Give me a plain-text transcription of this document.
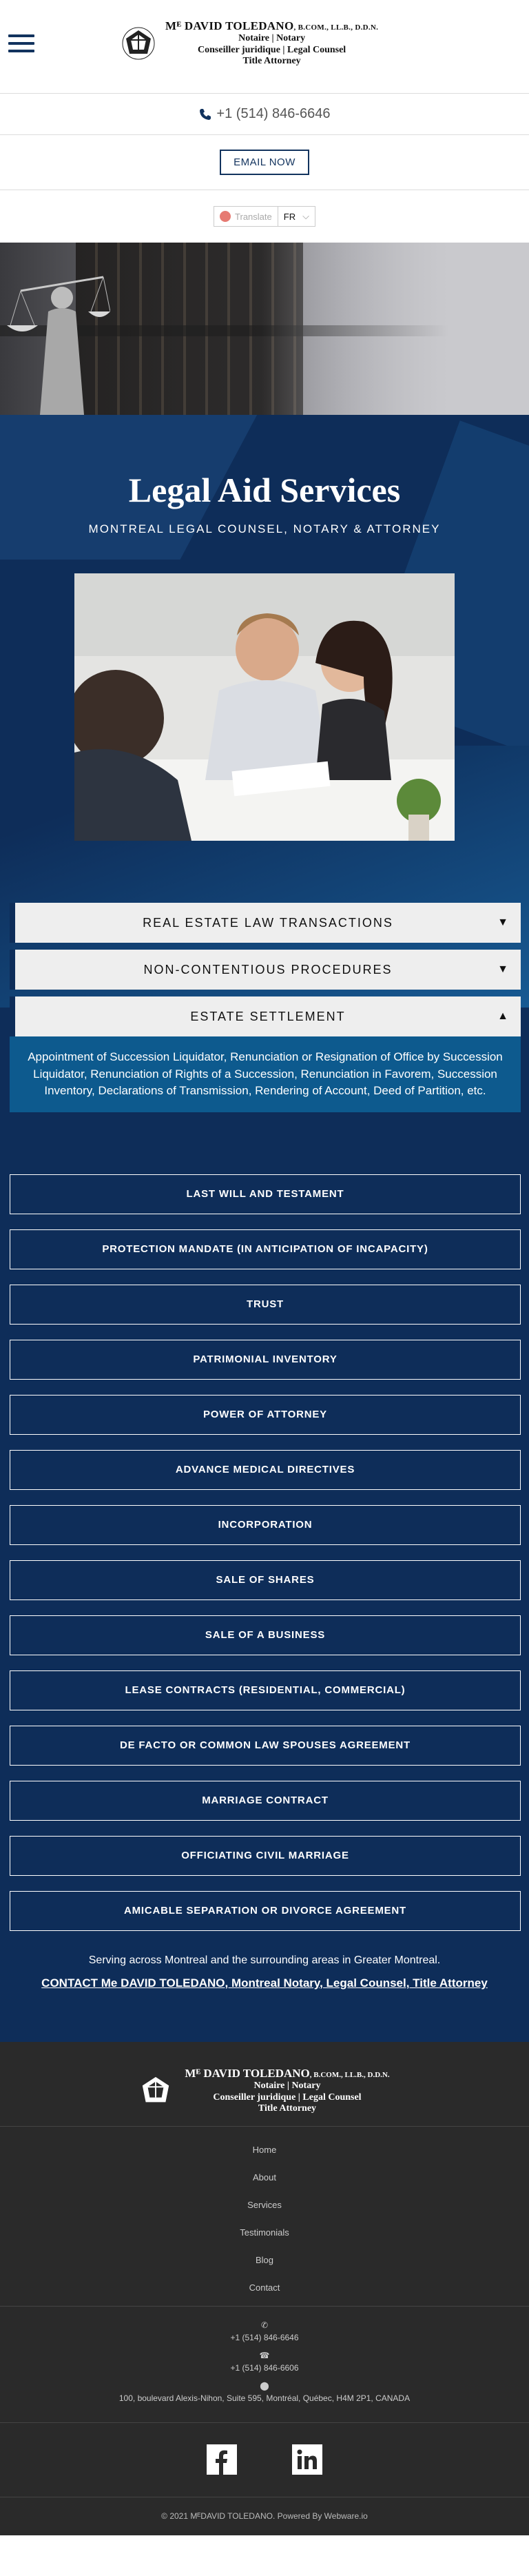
Mᴱ DAVID TOLEDANO, B.COM., LL.B., D.D.N.
Notaire | Notary
Conseiller juridique | Legal Counsel
Title Attorney
+1 (514) 846-6646
EMAIL NOW
Translate FR ⌵
Legal Aid Services
MONTREAL LEGAL COUNSEL, NOTARY & ATTORNEY
REAL ESTATE LAW TRANSACTIONS	▼
NON-CONTENTIOUS PROCEDURES	▼
ESTATE SETTLEMENT	▲
Appointment of Succession Liquidator, Renunciation or Resignation of Office by Succession Liquidator, Renunciation of Rights of a Succession, Renunciation in Favorem, Succession Inventory, Declarations of Transmission, Rendering of Account, Deed of Partition, etc.
LAST WILL AND TESTAMENT
PROTECTION MANDATE (IN ANTICIPATION OF INCAPACITY)
TRUST
PATRIMONIAL INVENTORY
POWER OF ATTORNEY
ADVANCE MEDICAL DIRECTIVES
INCORPORATION
SALE OF SHARES
SALE OF A BUSINESS
LEASE CONTRACTS (RESIDENTIAL, COMMERCIAL)
DE FACTO OR COMMON LAW SPOUSES AGREEMENT
MARRIAGE CONTRACT
OFFICIATING CIVIL MARRIAGE
AMICABLE SEPARATION OR DIVORCE AGREEMENT
Serving across Montreal and the surrounding areas in Greater Montreal.
CONTACT Me DAVID TOLEDANO, Montreal Notary, Legal Counsel, Title Attorney
Mᴱ DAVID TOLEDANO, B.COM., LL.B., D.D.N.
Notaire | Notary
Conseiller juridique | Legal Counsel
Title Attorney
Home
About
Services
Testimonials
Blog
Contact
✆
+1 (514) 846-6646
☎
+1 (514) 846-6606
⬤
100, boulevard Alexis-Nihon, Suite 595, Montréal, Québec, H4M 2P1, CANADA
© 2021 MᴱDAVID TOLEDANO. Powered By Webware.io
